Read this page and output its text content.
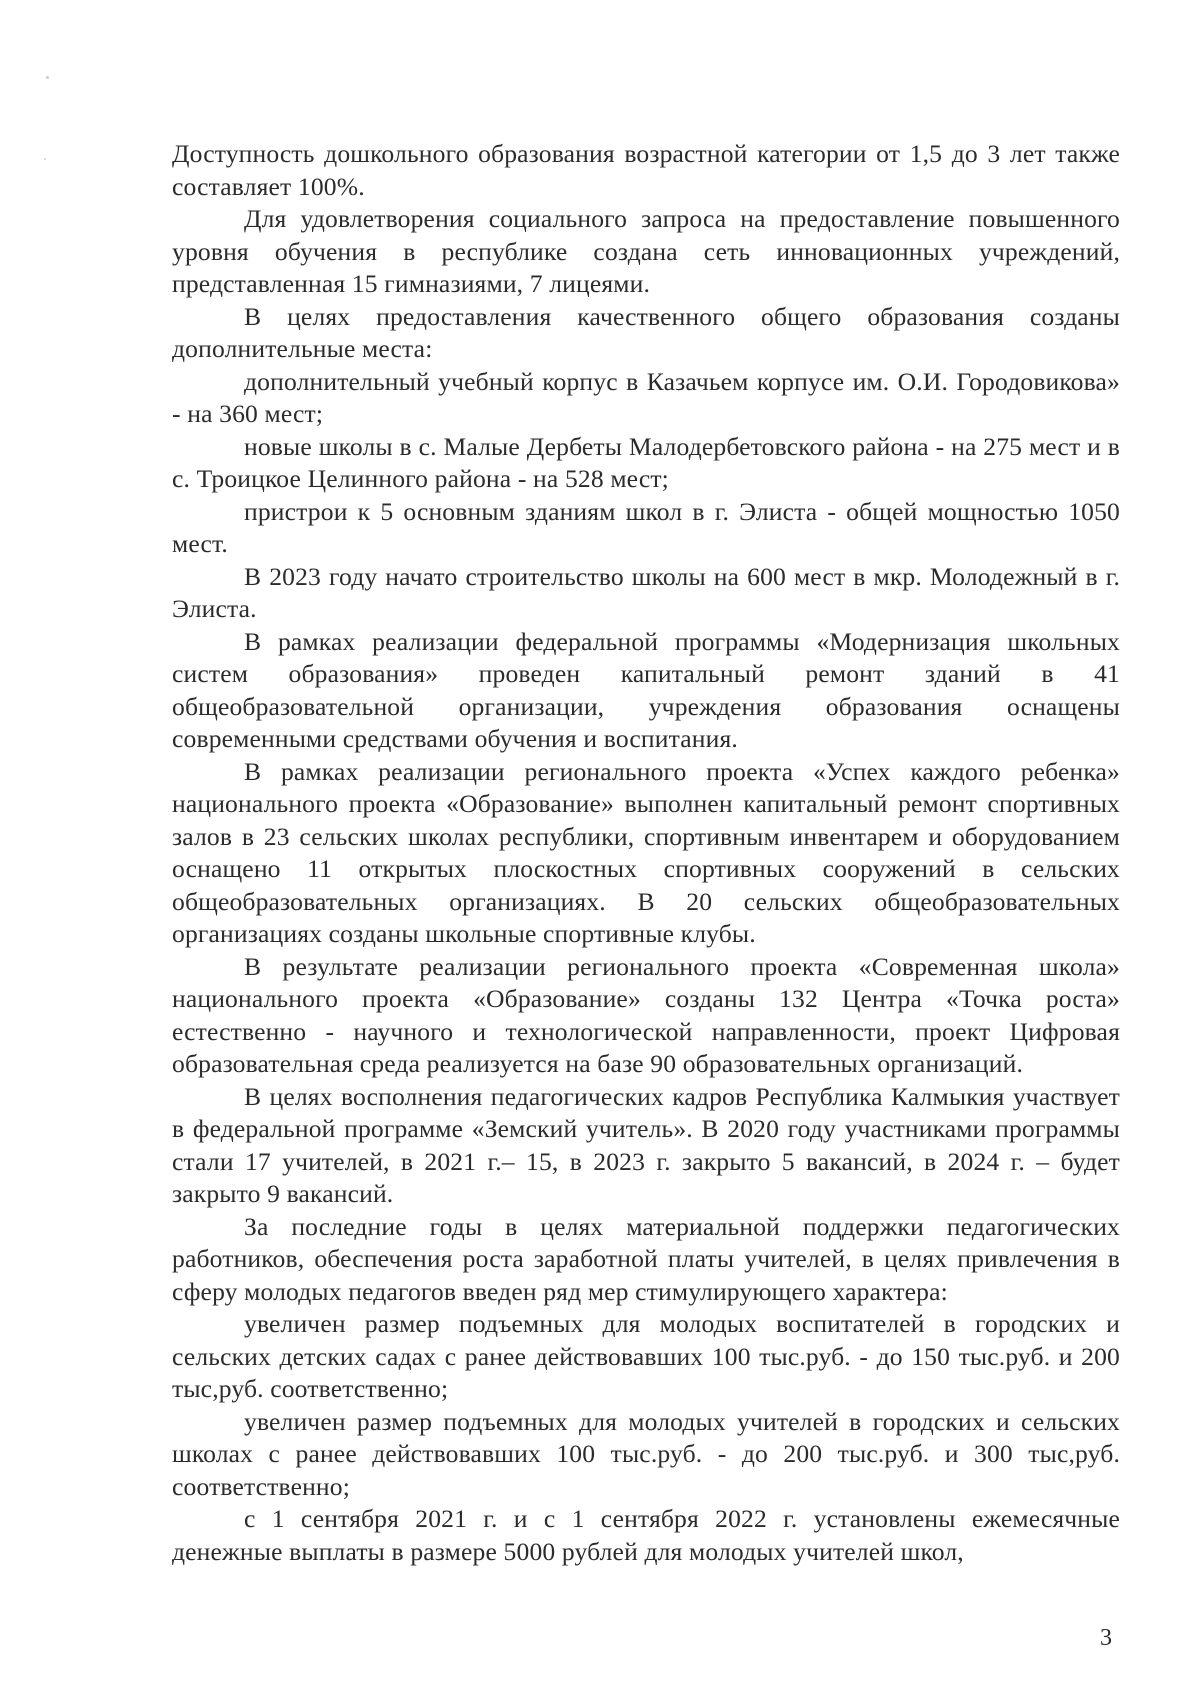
Доступность дошкольного образования возрастной категории от 1,5 до 3 лет также составляет 100%.

Для удовлетворения социального запроса на предоставление повышенного уровня обучения в республике создана сеть инновационных учреждений, представленная 15 гимназиями, 7 лицеями.

В целях предоставления качественного общего образования созданы дополнительные места:

дополнительный учебный корпус в Казачьем корпусе им. О.И. Городовикова» - на 360 мест;

новые школы в с. Малые Дербеты Малодербетовского района - на 275 мест и в с. Троицкое Целинного района - на 528 мест;

пристрои к 5 основным зданиям школ в г. Элиста - общей мощностью 1050 мест.

В 2023 году начато строительство школы на 600 мест в мкр. Молодежный в г. Элиста.

В рамках реализации федеральной программы «Модернизация школьных систем образования» проведен капитальный ремонт зданий в 41 общеобразовательной организации, учреждения образования оснащены современными средствами обучения и воспитания.

В рамках реализации регионального проекта «Успех каждого ребенка» национального проекта «Образование» выполнен капитальный ремонт спортивных залов в 23 сельских школах республики, спортивным инвентарем и оборудованием оснащено 11 открытых плоскостных спортивных сооружений в сельских общеобразовательных организациях. В 20 сельских общеобразовательных организациях созданы школьные спортивные клубы.

В результате реализации регионального проекта «Современная школа» национального проекта «Образование» созданы 132 Центра «Точка роста» естественно - научного и технологической направленности, проект Цифровая образовательная среда реализуется на базе 90 образовательных организаций.

В целях восполнения педагогических кадров Республика Калмыкия участвует в федеральной программе «Земский учитель». В 2020 году участниками программы стали 17 учителей, в 2021 г.– 15, в 2023 г. закрыто 5 вакансий, в 2024 г. – будет закрыто 9 вакансий.

За последние годы в целях материальной поддержки педагогических работников, обеспечения роста заработной платы учителей, в целях привлечения в сферу молодых педагогов введен ряд мер стимулирующего характера:

увеличен размер подъемных для молодых воспитателей в городских и сельских детских садах с ранее действовавших 100 тыс.руб. - до 150 тыс.руб. и 200 тыс,руб. соответственно;

увеличен размер подъемных для молодых учителей в городских и сельских школах с ранее действовавших 100 тыс.руб. - до 200 тыс.руб. и 300 тыс,руб. соответственно;

с 1 сентября 2021 г. и с 1 сентября 2022 г. установлены ежемесячные денежные выплаты в размере 5000 рублей для молодых учителей школ,

3
